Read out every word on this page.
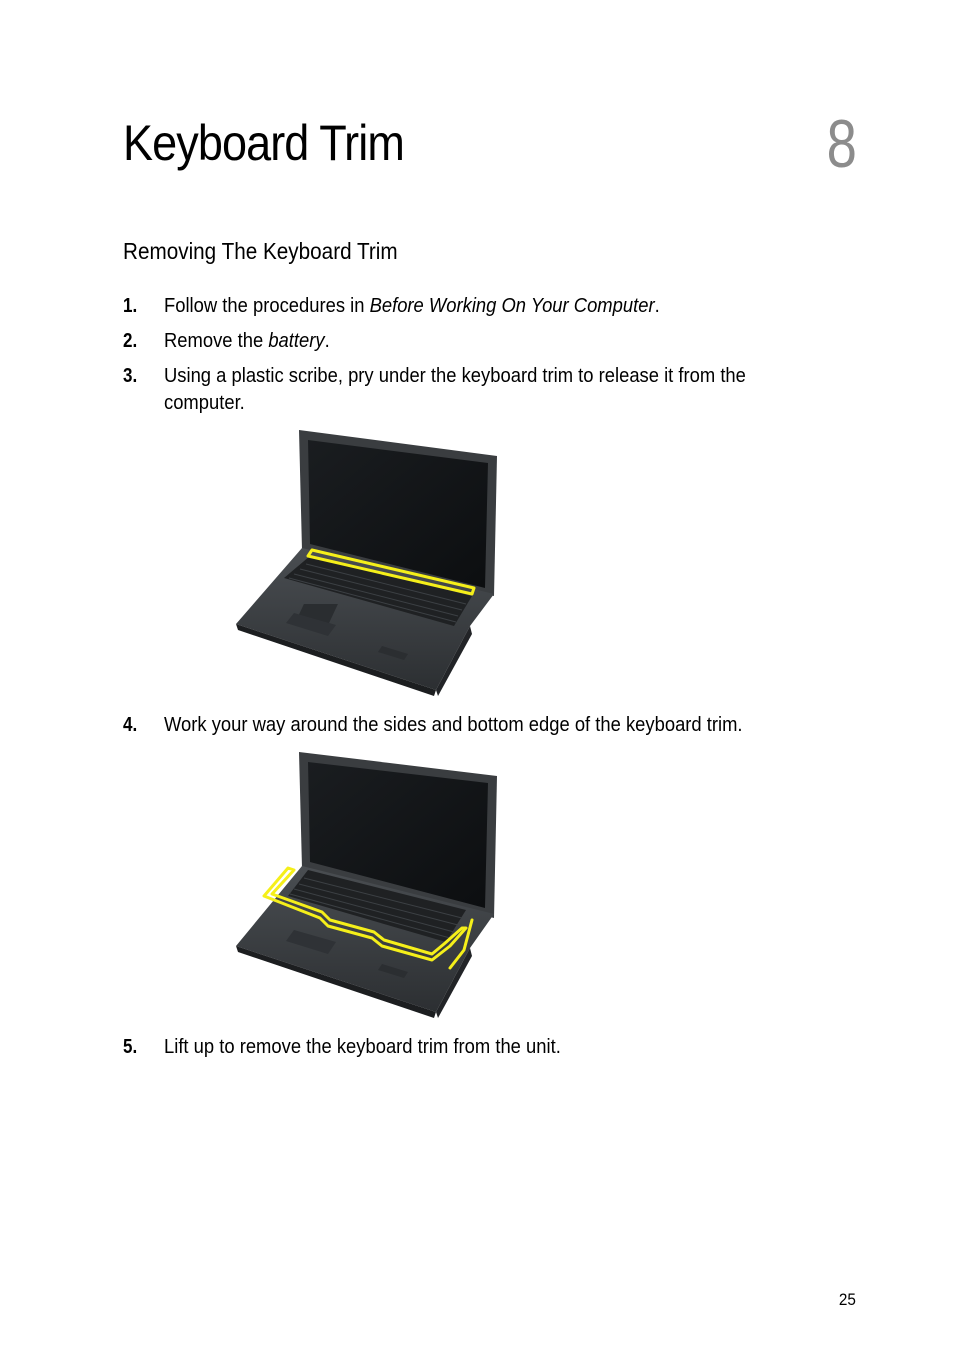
Keyboard Trim	8
Removing The Keyboard Trim
1. Follow the procedures in Before Working On Your Computer.
2. Remove the battery.
3. Using a plastic scribe, pry under the keyboard trim to release it from the computer.
4. Work your way around the sides and bottom edge of the keyboard trim.
5. Lift up to remove the keyboard trim from the unit.
25
